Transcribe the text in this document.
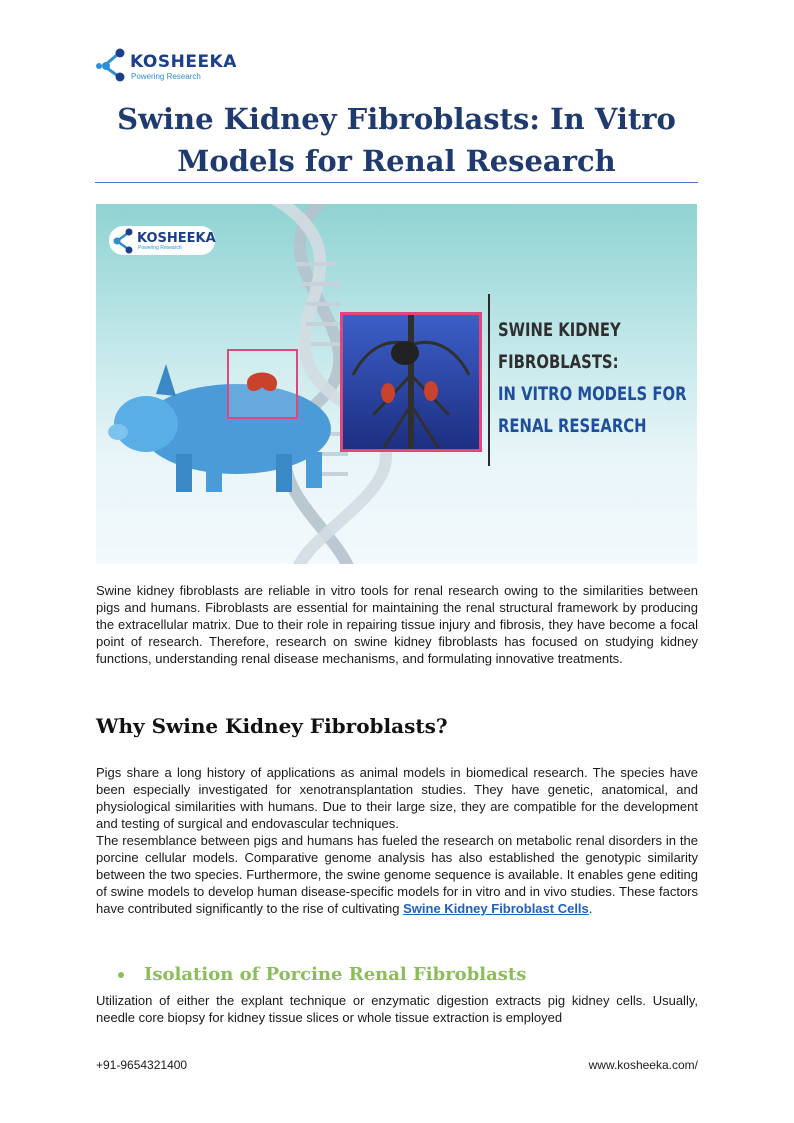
KOSHEEKA
Powering Research
Swine Kidney Fibroblasts: In Vitro Models for Renal Research
KOSHEEKA
Powering Research
SWINE KIDNEY
FIBROBLASTS:
IN VITRO MODELS FOR
RENAL RESEARCH

Swine kidney fibroblasts are reliable in vitro tools for renal research owing to the similarities between pigs and humans. Fibroblasts are essential for maintaining the renal structural framework by producing the extracellular matrix. Due to their role in repairing tissue injury and fibrosis, they have become a focal point of research. Therefore, research on swine kidney fibroblasts has focused on studying kidney functions, understanding renal disease mechanisms, and formulating innovative treatments.

Why Swine Kidney Fibroblasts?

Pigs share a long history of applications as animal models in biomedical research. The species have been especially investigated for xenotransplantation studies. They have genetic, anatomical, and physiological similarities with humans. Due to their large size, they are compatible for the development and testing of surgical and endovascular techniques.

The resemblance between pigs and humans has fueled the research on metabolic renal disorders in the porcine cellular models. Comparative genome analysis has also established the genotypic similarity between the two species. Furthermore, the swine genome sequence is available. It enables gene editing of swine models to develop human disease-specific models for in vitro and in vivo studies. These factors have contributed significantly to the rise of cultivating Swine Kidney Fibroblast Cells.

Isolation of Porcine Renal Fibroblasts

Utilization of either the explant technique or enzymatic digestion extracts pig kidney cells. Usually, needle core biopsy for kidney tissue slices or whole tissue extraction is employed

+91-9654321400	www.kosheeka.com/
